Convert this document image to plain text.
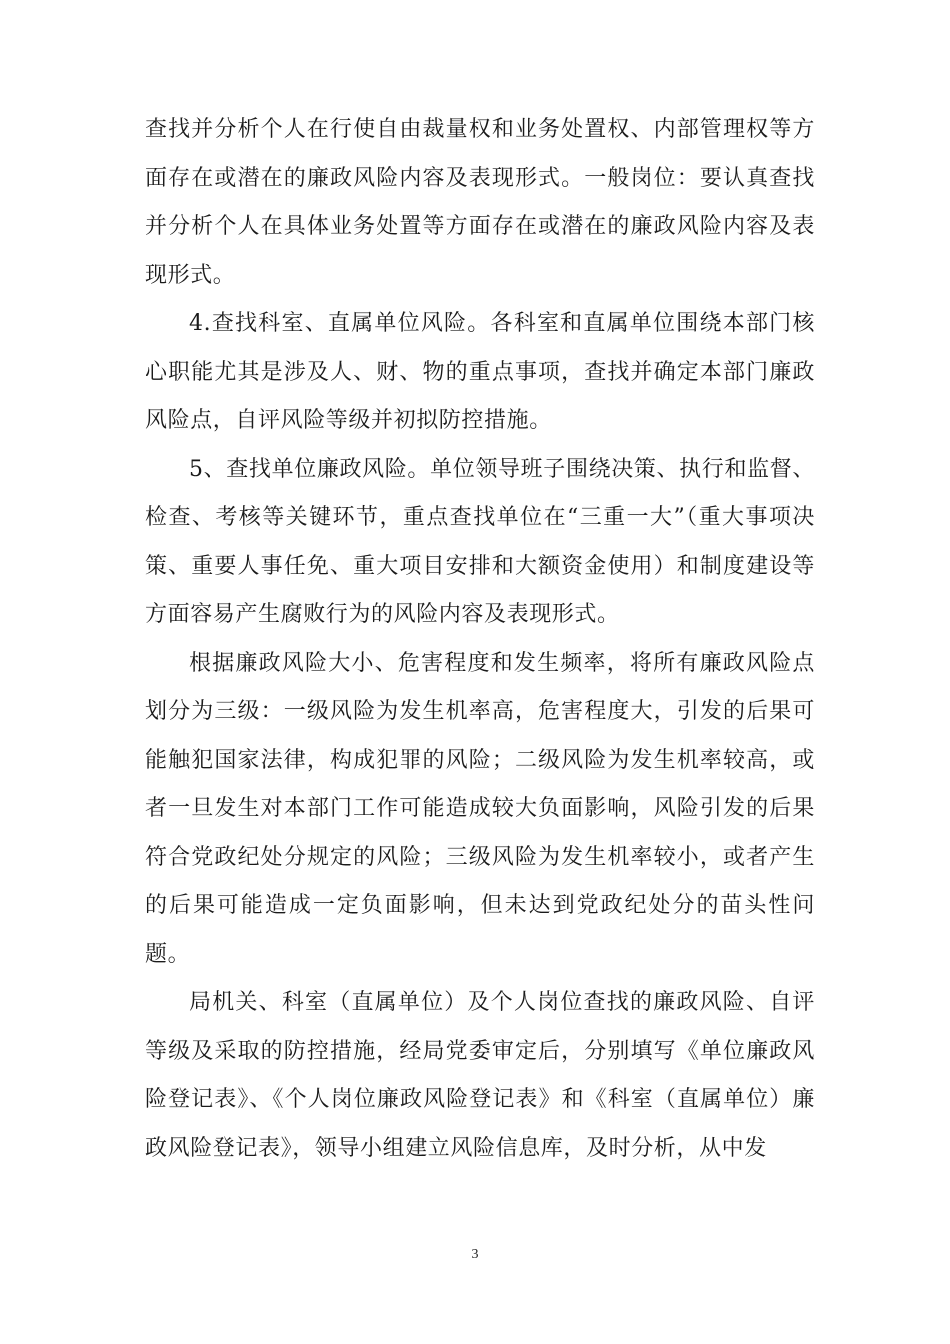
查找并分析个人在行使自由裁量权和业务处置权、内部管理权等方面存在或潜在的廉政风险内容及表现形式。一般岗位：要认真查找并分析个人在具体业务处置等方面存在或潜在的廉政风险内容及表现形式。

4.查找科室、直属单位风险。各科室和直属单位围绕本部门核心职能尤其是涉及人、财、物的重点事项，查找并确定本部门廉政风险点，自评风险等级并初拟防控措施。

5、查找单位廉政风险。单位领导班子围绕决策、执行和监督、检查、考核等关键环节，重点查找单位在“三重一大”（重大事项决策、重要人事任免、重大项目安排和大额资金使用）和制度建设等方面容易产生腐败行为的风险内容及表现形式。

根据廉政风险大小、危害程度和发生频率，将所有廉政风险点划分为三级：一级风险为发生机率高，危害程度大，引发的后果可能触犯国家法律，构成犯罪的风险；二级风险为发生机率较高，或者一旦发生对本部门工作可能造成较大负面影响，风险引发的后果符合党政纪处分规定的风险；三级风险为发生机率较小，或者产生的后果可能造成一定负面影响，但未达到党政纪处分的苗头性问题。

局机关、科室（直属单位）及个人岗位查找的廉政风险、自评等级及采取的防控措施，经局党委审定后，分别填写《单位廉政风险登记表》、《个人岗位廉政风险登记表》和《科室（直属单位）廉政风险登记表》，领导小组建立风险信息库，及时分析，从中发

3
